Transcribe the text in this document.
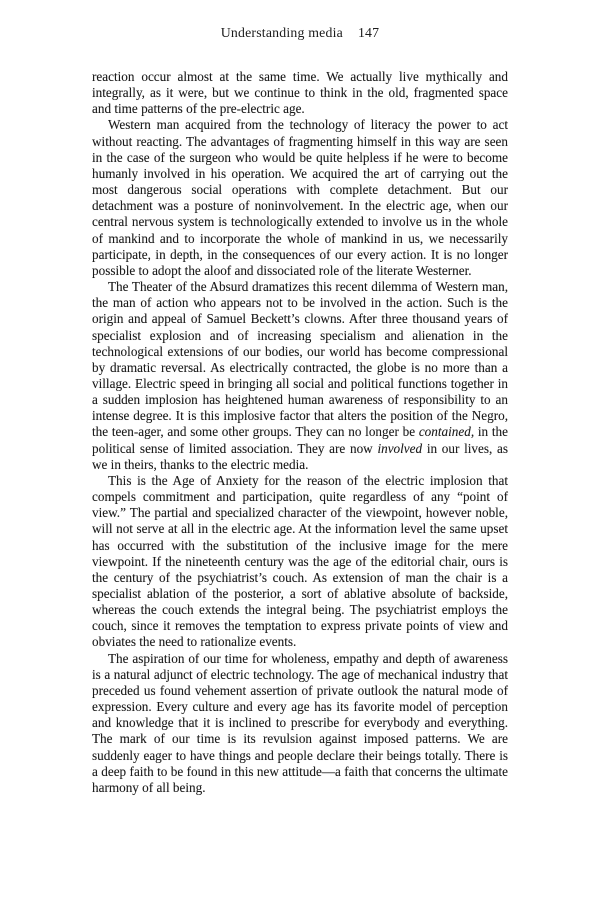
Understanding media 147

reaction occur almost at the same time. We actually live mythically and integrally, as it were, but we continue to think in the old, fragmented space and time patterns of the pre-electric age.

Western man acquired from the technology of literacy the power to act without reacting. The advantages of fragmenting himself in this way are seen in the case of the surgeon who would be quite helpless if he were to become humanly involved in his operation. We acquired the art of carrying out the most dangerous social operations with complete detachment. But our detachment was a posture of noninvolvement. In the electric age, when our central nervous system is technologically extended to involve us in the whole of mankind and to incorporate the whole of mankind in us, we necessarily participate, in depth, in the consequences of our every action. It is no longer possible to adopt the aloof and dissociated role of the literate Westerner.

The Theater of the Absurd dramatizes this recent dilemma of Western man, the man of action who appears not to be involved in the action. Such is the origin and appeal of Samuel Beckett’s clowns. After three thousand years of specialist explosion and of increasing specialism and alienation in the technological extensions of our bodies, our world has become compressional by dramatic reversal. As electrically contracted, the globe is no more than a village. Electric speed in bringing all social and political functions together in a sudden implosion has heightened human awareness of responsibility to an intense degree. It is this implosive factor that alters the position of the Negro, the teen-ager, and some other groups. They can no longer be contained, in the political sense of limited association. They are now involved in our lives, as we in theirs, thanks to the electric media.

This is the Age of Anxiety for the reason of the electric implosion that compels commitment and participation, quite regardless of any “point of view.” The partial and specialized character of the viewpoint, however noble, will not serve at all in the electric age. At the information level the same upset has occurred with the substitution of the inclusive image for the mere viewpoint. If the nineteenth century was the age of the editorial chair, ours is the century of the psychiatrist’s couch. As extension of man the chair is a specialist ablation of the posterior, a sort of ablative absolute of backside, whereas the couch extends the integral being. The psychiatrist employs the couch, since it removes the temptation to express private points of view and obviates the need to rationalize events.

The aspiration of our time for wholeness, empathy and depth of awareness is a natural adjunct of electric technology. The age of mechanical industry that preceded us found vehement assertion of private outlook the natural mode of expression. Every culture and every age has its favorite model of perception and knowledge that it is inclined to prescribe for everybody and everything. The mark of our time is its revulsion against imposed patterns. We are suddenly eager to have things and people declare their beings totally. There is a deep faith to be found in this new attitude—a faith that concerns the ultimate harmony of all being.
